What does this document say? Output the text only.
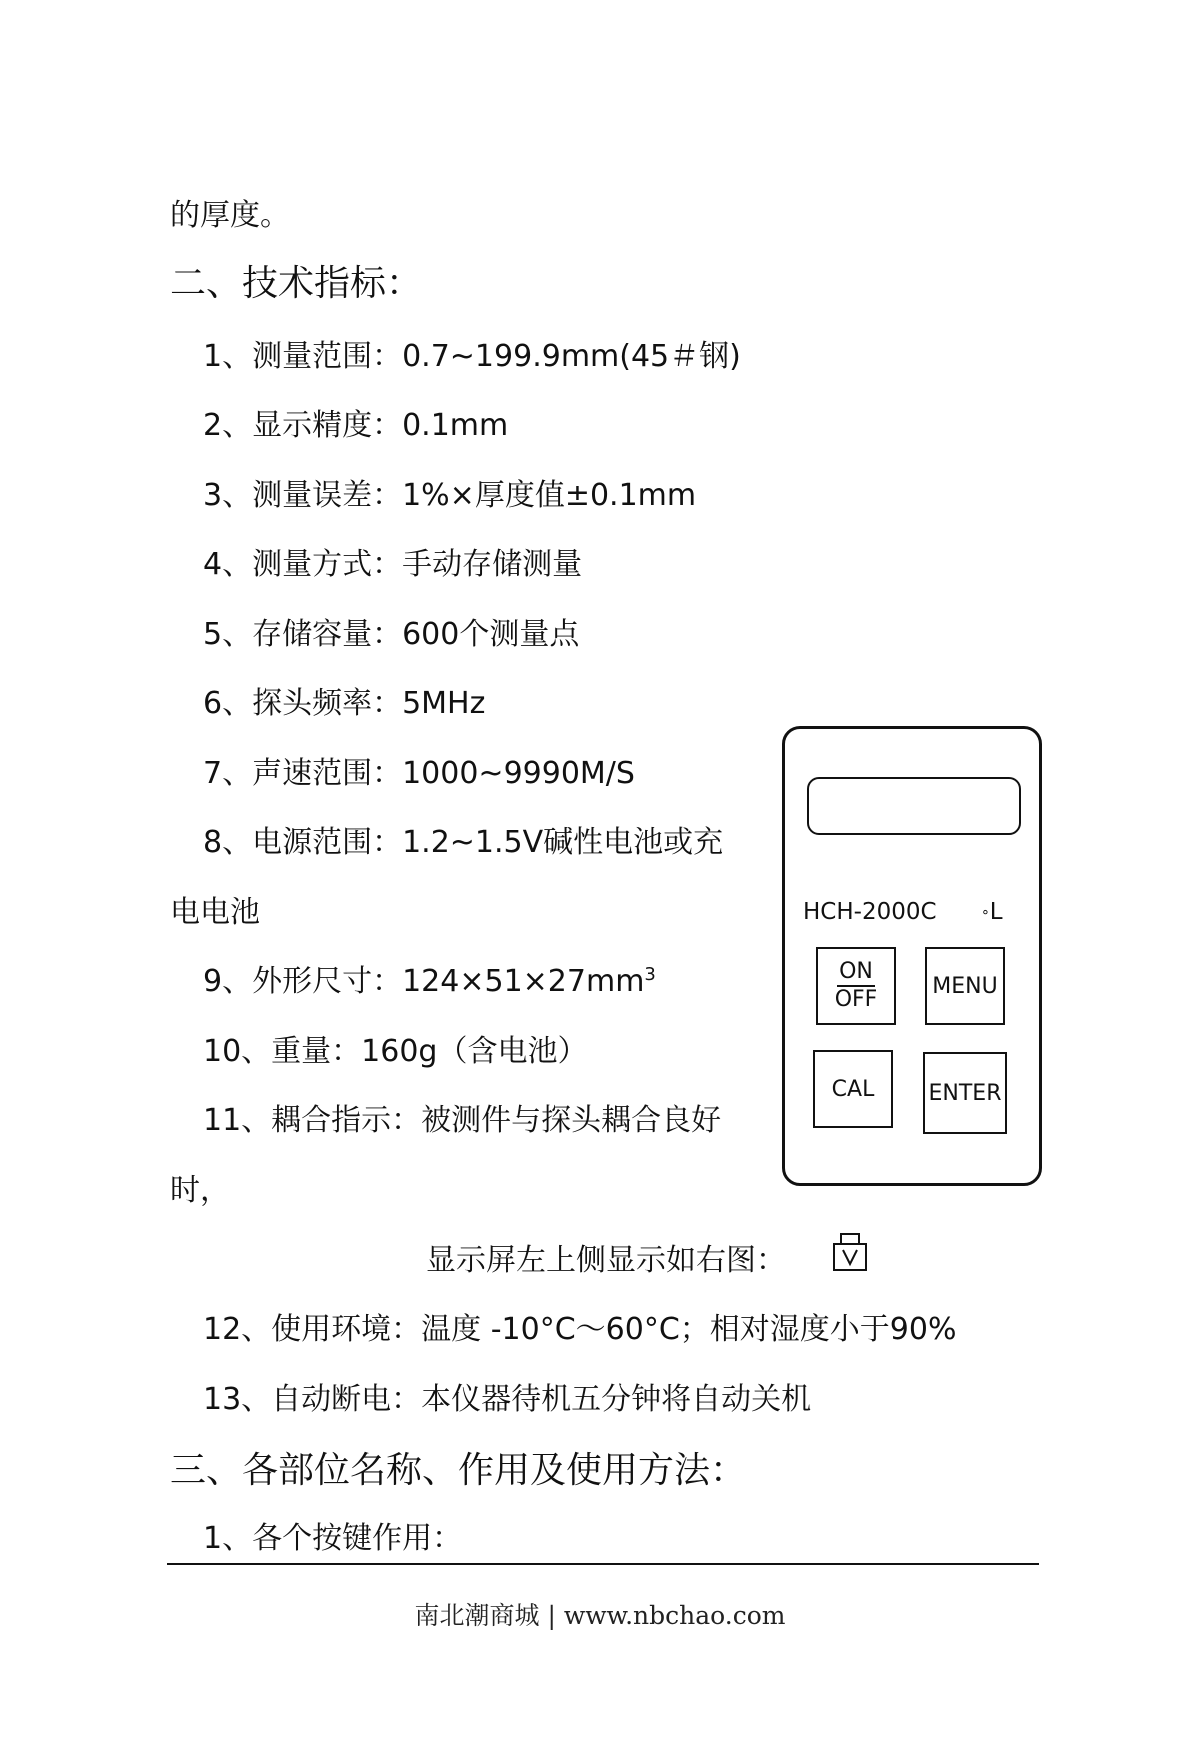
的厚度。
二、技术指标：
1、测量范围：0.7~199.9mm(45＃钢)
2、显示精度：0.1mm
3、测量误差：1%×厚度值±0.1mm
4、测量方式：手动存储测量
5、存储容量：600个测量点
6、探头频率：5MHz
7、声速范围：1000~9990M/S
8、电源范围：1.2~1.5V碱性电池或充
电电池
9、外形尺寸：$124\times 51\times 27mm^3$
10、重量：160g（含电池）
11、耦合指示：被测件与探头耦合良好
时，
显示屏左上侧显示如右图：
12、使用环境：温度 -10°C～60°C；相对湿度小于90%
13、自动断电：本仪器待机五分钟将自动关机
三、各部位名称、作用及使用方法：
1、各个按键作用：
HCH-2000C	∘L
ON
OFF
MENU
CAL	ENTER
南北潮商城 | www.nbchao.com
